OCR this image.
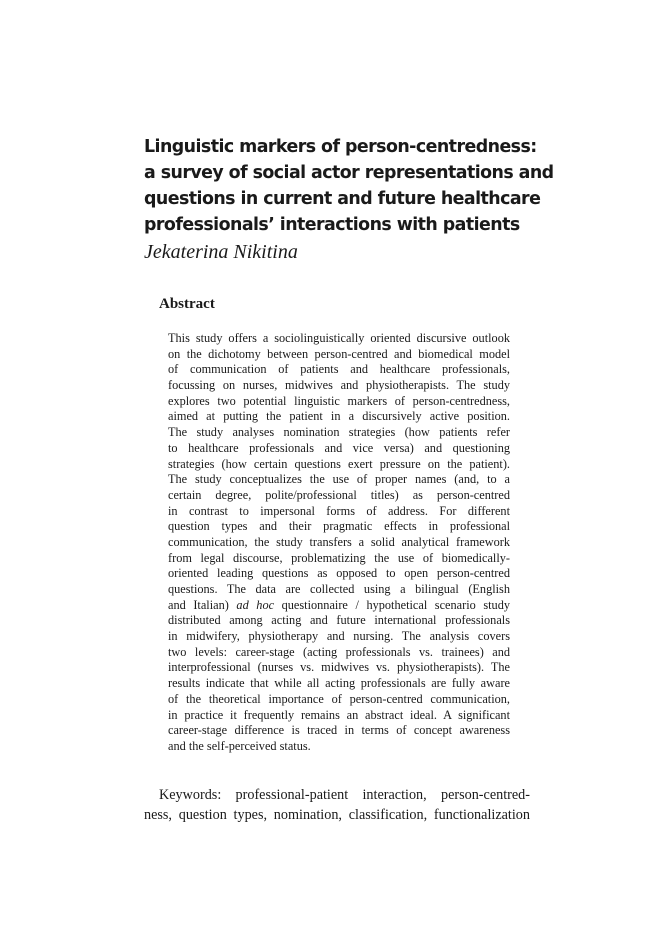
Linguistic markers of person-centredness:
a survey of social actor representations and
questions in current and future healthcare
professionals’ interactions with patients

Jekaterina Nikitina

Abstract
This study offers a sociolinguistically oriented discursive outlook
on the dichotomy between person-centred and biomedical model
of communication of patients and healthcare professionals,
focussing on nurses, midwives and physiotherapists. The study
explores two potential linguistic markers of person-centredness,
aimed at putting the patient in a discursively active position.
The study analyses nomination strategies (how patients refer
to healthcare professionals and vice versa) and questioning
strategies (how certain questions exert pressure on the patient).
The study conceptualizes the use of proper names (and, to a
certain degree, polite/professional titles) as person-centred
in contrast to impersonal forms of address. For different
question types and their pragmatic effects in professional
communication, the study transfers a solid analytical framework
from legal discourse, problematizing the use of biomedically-
oriented leading questions as opposed to open person-centred
questions. The data are collected using a bilingual (English
and Italian) ad hoc questionnaire / hypothetical scenario study
distributed among acting and future international professionals
in midwifery, physiotherapy and nursing. The analysis covers
two levels: career-stage (acting professionals vs. trainees) and
interprofessional (nurses vs. midwives vs. physiotherapists). The
results indicate that while all acting professionals are fully aware
of the theoretical importance of person-centred communication,
in practice it frequently remains an abstract ideal. A significant
career-stage difference is traced in terms of concept awareness
and the self-perceived status.
Keywords: professional-patient interaction, person-centred-
ness, question types, nomination, classification, functionalization
